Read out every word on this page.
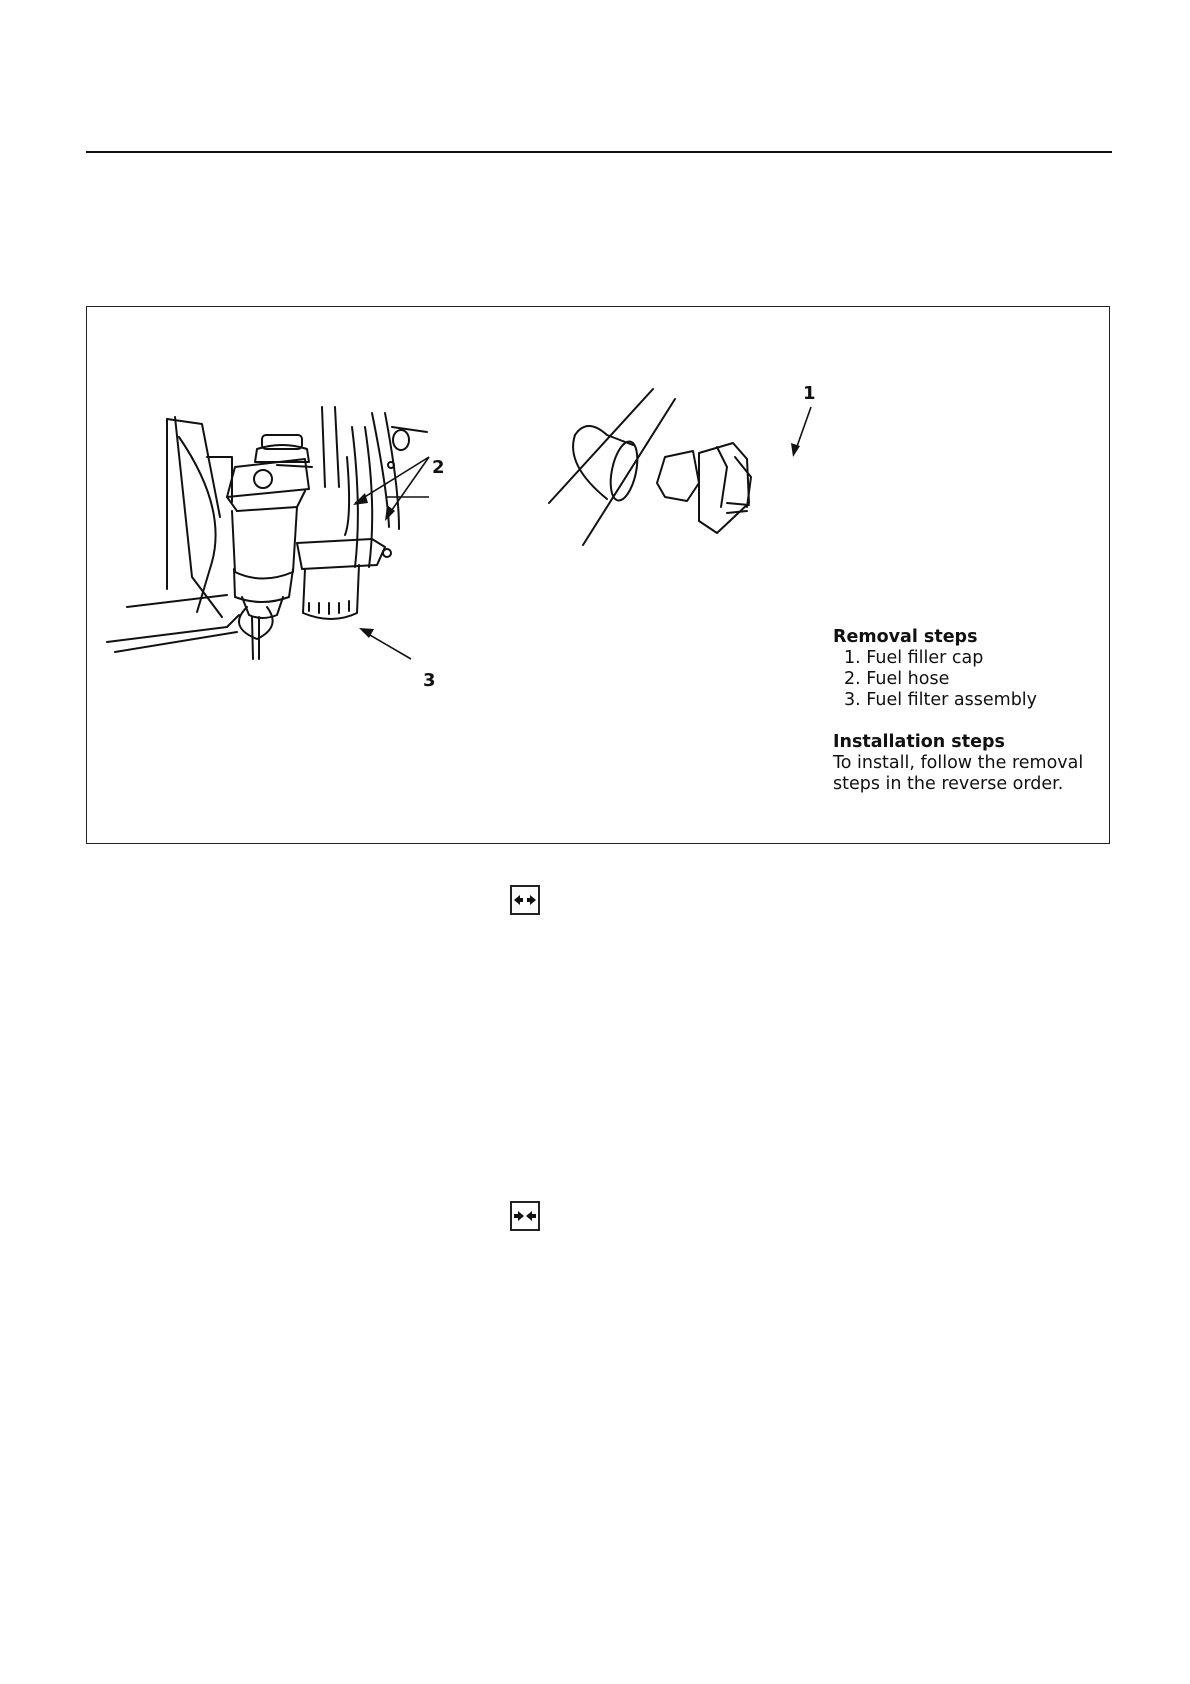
1
2
3
Removal steps
1. Fuel filler cap
2. Fuel hose
3. Fuel filter assembly
Installation steps
To install, follow the removal
steps in the reverse order.
